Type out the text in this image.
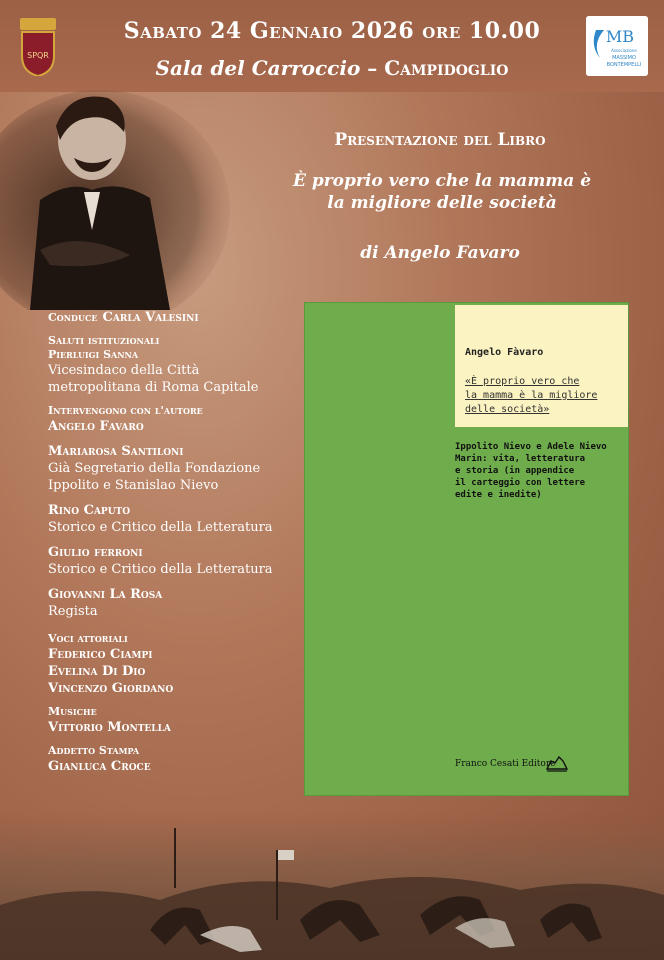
SPQR
Sabato 24 Gennaio 2026 ore 10.00
Sala del Carroccio – Campidoglio
MB
Associazione
MASSIMO
BONTEMPELLI
Presentazione del Libro
È proprio vero che la mamma è
la migliore delle società
di Angelo Favaro
Conduce Carla Valesini
Saluti istituzionali
Pierluigi Sanna
Vicesindaco della Città
metropolitana di Roma Capitale
Intervengono con l'autore
Angelo Favaro
Mariarosa Santiloni
Già Segretario della Fondazione
Ippolito e Stanislao Nievo
Rino Caputo
Storico e Critico della Letteratura
Giulio ferroni
Storico e Critico della Letteratura
Giovanni La Rosa
Regista
Voci attoriali
Federico Ciampi
Evelina Di Dio
Vincenzo Giordano
Musiche
Vittorio Montella
Addetto Stampa
Gianluca Croce
Angelo Fàvaro
«È proprio vero che
la mamma è la migliore
delle società»
Ippolito Nievo e Adele Nievo
Marin: vita, letteratura
e storia (in appendice
il carteggio con lettere
edite e inedite)
Franco Cesati Editore
